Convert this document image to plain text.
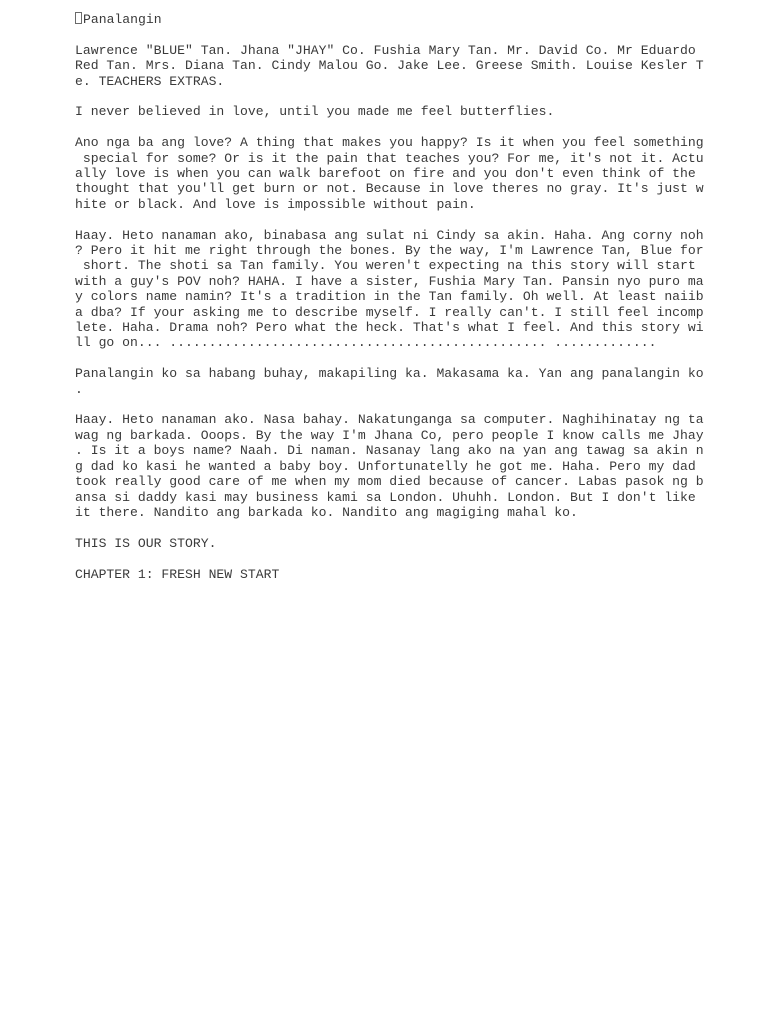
Panalangin

Lawrence "BLUE" Tan. Jhana "JHAY" Co. Fushia Mary Tan. Mr. David Co. Mr Eduardo
Red Tan. Mrs. Diana Tan. Cindy Malou Go. Jake Lee. Greese Smith. Louise Kesler T
e. TEACHERS EXTRAS.

I never believed in love, until you made me feel butterflies.

Ano nga ba ang love? A thing that makes you happy? Is it when you feel something
special for some? Or is it the pain that teaches you? For me, it's not it. Actu
ally love is when you can walk barefoot on fire and you don't even think of the
thought that you'll get burn or not. Because in love theres no gray. It's just w
hite or black. And love is impossible without pain.

Haay. Heto nanaman ako, binabasa ang sulat ni Cindy sa akin. Haha. Ang corny noh
? Pero it hit me right through the bones. By the way, I'm Lawrence Tan, Blue for
short. The shoti sa Tan family. You weren't expecting na this story will start
with a guy's POV noh? HAHA. I have a sister, Fushia Mary Tan. Pansin nyo puro ma
y colors name namin? It's a tradition in the Tan family. Oh well. At least naiib
a dba? If your asking me to describe myself. I really can't. I still feel incomp
lete. Haha. Drama noh? Pero what the heck. That's what I feel. And this story wi
ll go on... ................................................ .............

Panalangin ko sa habang buhay, makapiling ka. Makasama ka. Yan ang panalangin ko
.

Haay. Heto nanaman ako. Nasa bahay. Nakatunganga sa computer. Naghihinatay ng ta
wag ng barkada. Ooops. By the way I'm Jhana Co, pero people I know calls me Jhay
. Is it a boys name? Naah. Di naman. Nasanay lang ako na yan ang tawag sa akin n
g dad ko kasi he wanted a baby boy. Unfortunatelly he got me. Haha. Pero my dad
took really good care of me when my mom died because of cancer. Labas pasok ng b
ansa si daddy kasi may business kami sa London. Uhuhh. London. But I don't like
it there. Nandito ang barkada ko. Nandito ang magiging mahal ko.

THIS IS OUR STORY.

CHAPTER 1: FRESH NEW START
